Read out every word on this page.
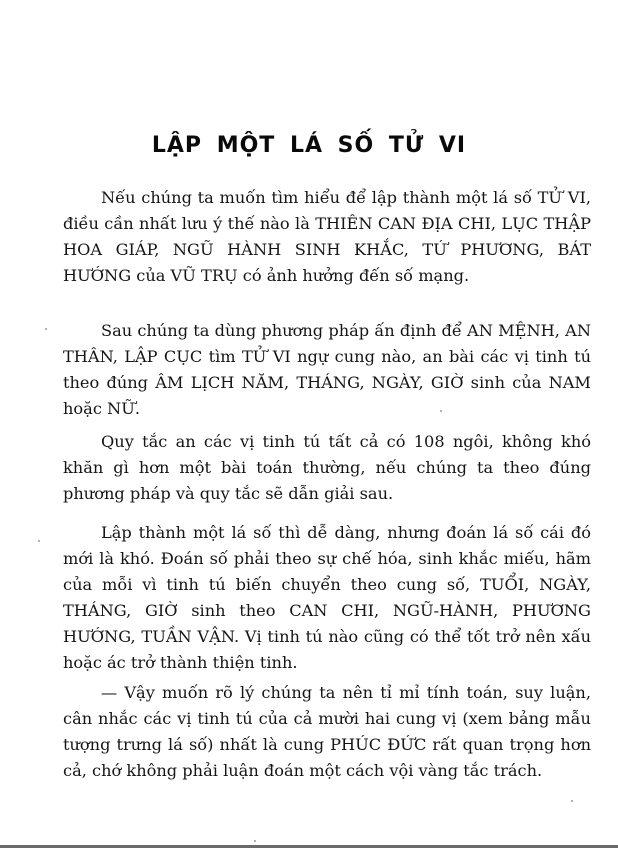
LẬP MỘT LÁ SỐ TỬ VI

Nếu chúng ta muốn tìm hiểu để lập thành một lá số TỬ VI, điều cần nhất lưu ý thế nào là THIÊN CAN ĐỊA CHI, LỤC THẬP HOA GIÁP, NGŨ HÀNH SINH KHẮC, TỨ PHƯƠNG, BÁT HƯỚNG của VŨ TRỤ có ảnh hưởng đến số mạng.

Sau chúng ta dùng phương pháp ấn định để AN MỆNH, AN THÂN, LẬP CỤC tìm TỬ VI ngự cung nào, an bài các vị tinh tú theo đúng ÂM LỊCH NĂM, THÁNG, NGÀY, GIỜ sinh của NAM hoặc NỮ.

Quy tắc an các vị tinh tú tất cả có 108 ngôi, không khó khăn gì hơn một bài toán thường, nếu chúng ta theo đúng phương pháp và quy tắc sẽ dẫn giải sau.

Lập thành một lá số thì dễ dàng, nhưng đoán lá số cái đó mới là khó. Đoán số phải theo sự chế hóa, sinh khắc miếu, hãm của mỗi vì tinh tú biến chuyển theo cung số, TUỔI, NGÀY, THÁNG, GIỜ sinh theo CAN CHI, NGŨ-HÀNH, PHƯƠNG HƯỚNG, TUẦN VẬN. Vị tinh tú nào cũng có thể tốt trở nên xấu hoặc ác trở thành thiện tinh.

— Vậy muốn rõ lý chúng ta nên tỉ mỉ tính toán, suy luận, cân nhắc các vị tinh tú của cả mười hai cung vị (xem bảng mẫu tượng trưng lá số) nhất là cung PHÚC ĐỨC rất quan trọng hơn cả, chớ không phải luận đoán một cách vội vàng tắc trách.
